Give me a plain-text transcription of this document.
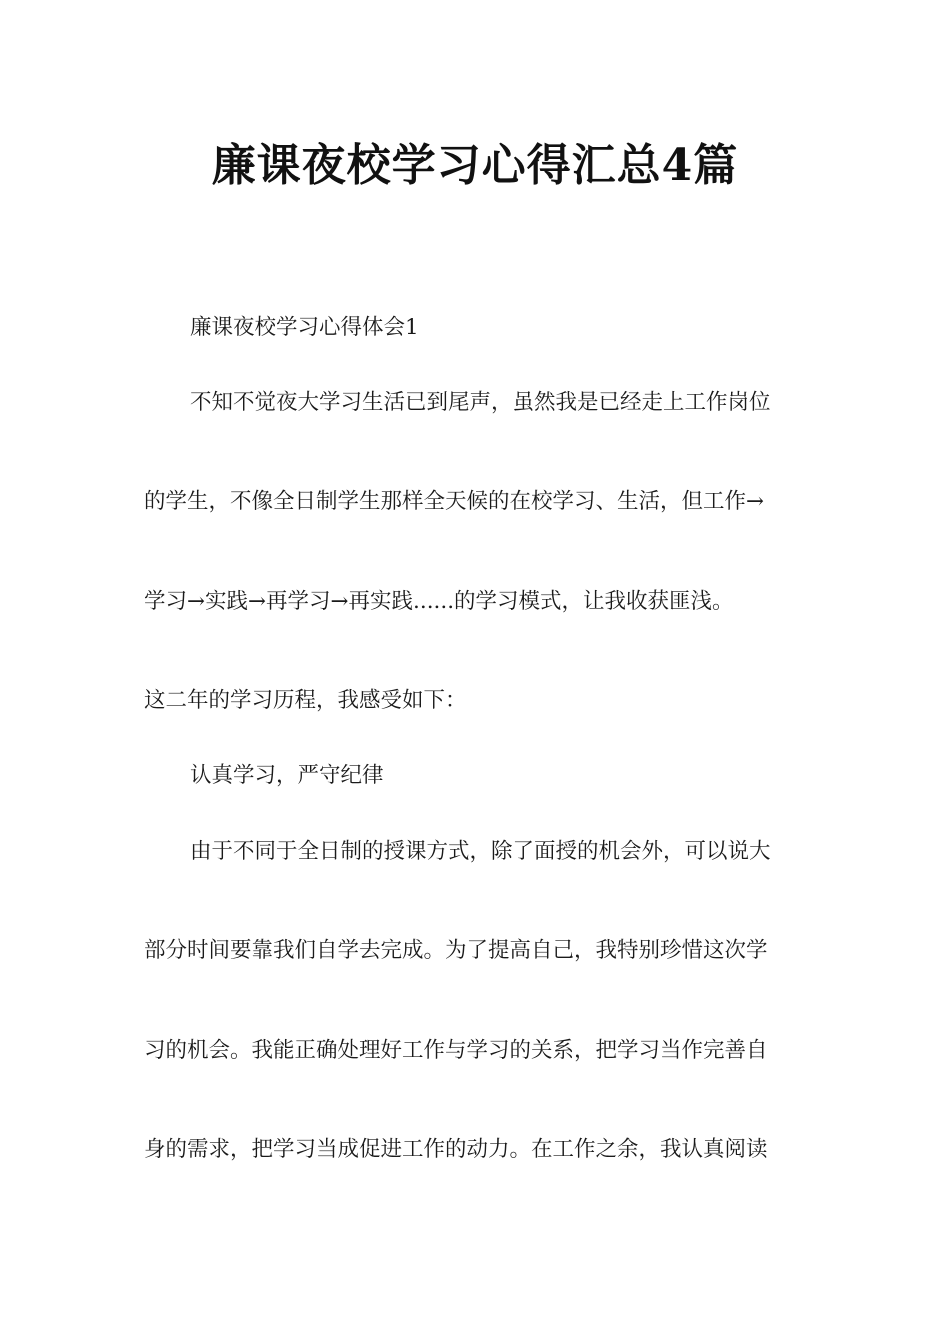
廉课夜校学习心得汇总4篇
廉课夜校学习心得体会1
不知不觉夜大学习生活已到尾声，虽然我是已经走上工作岗位
的学生，不像全日制学生那样全天候的在校学习、生活，但工作→
学习→实践→再学习→再实践......的学习模式，让我收获匪浅。
这二年的学习历程，我感受如下：
认真学习，严守纪律
由于不同于全日制的授课方式，除了面授的机会外，可以说大
部分时间要靠我们自学去完成。为了提高自己，我特别珍惜这次学
习的机会。我能正确处理好工作与学习的关系，把学习当作完善自
身的需求，把学习当成促进工作的动力。在工作之余，我认真阅读
